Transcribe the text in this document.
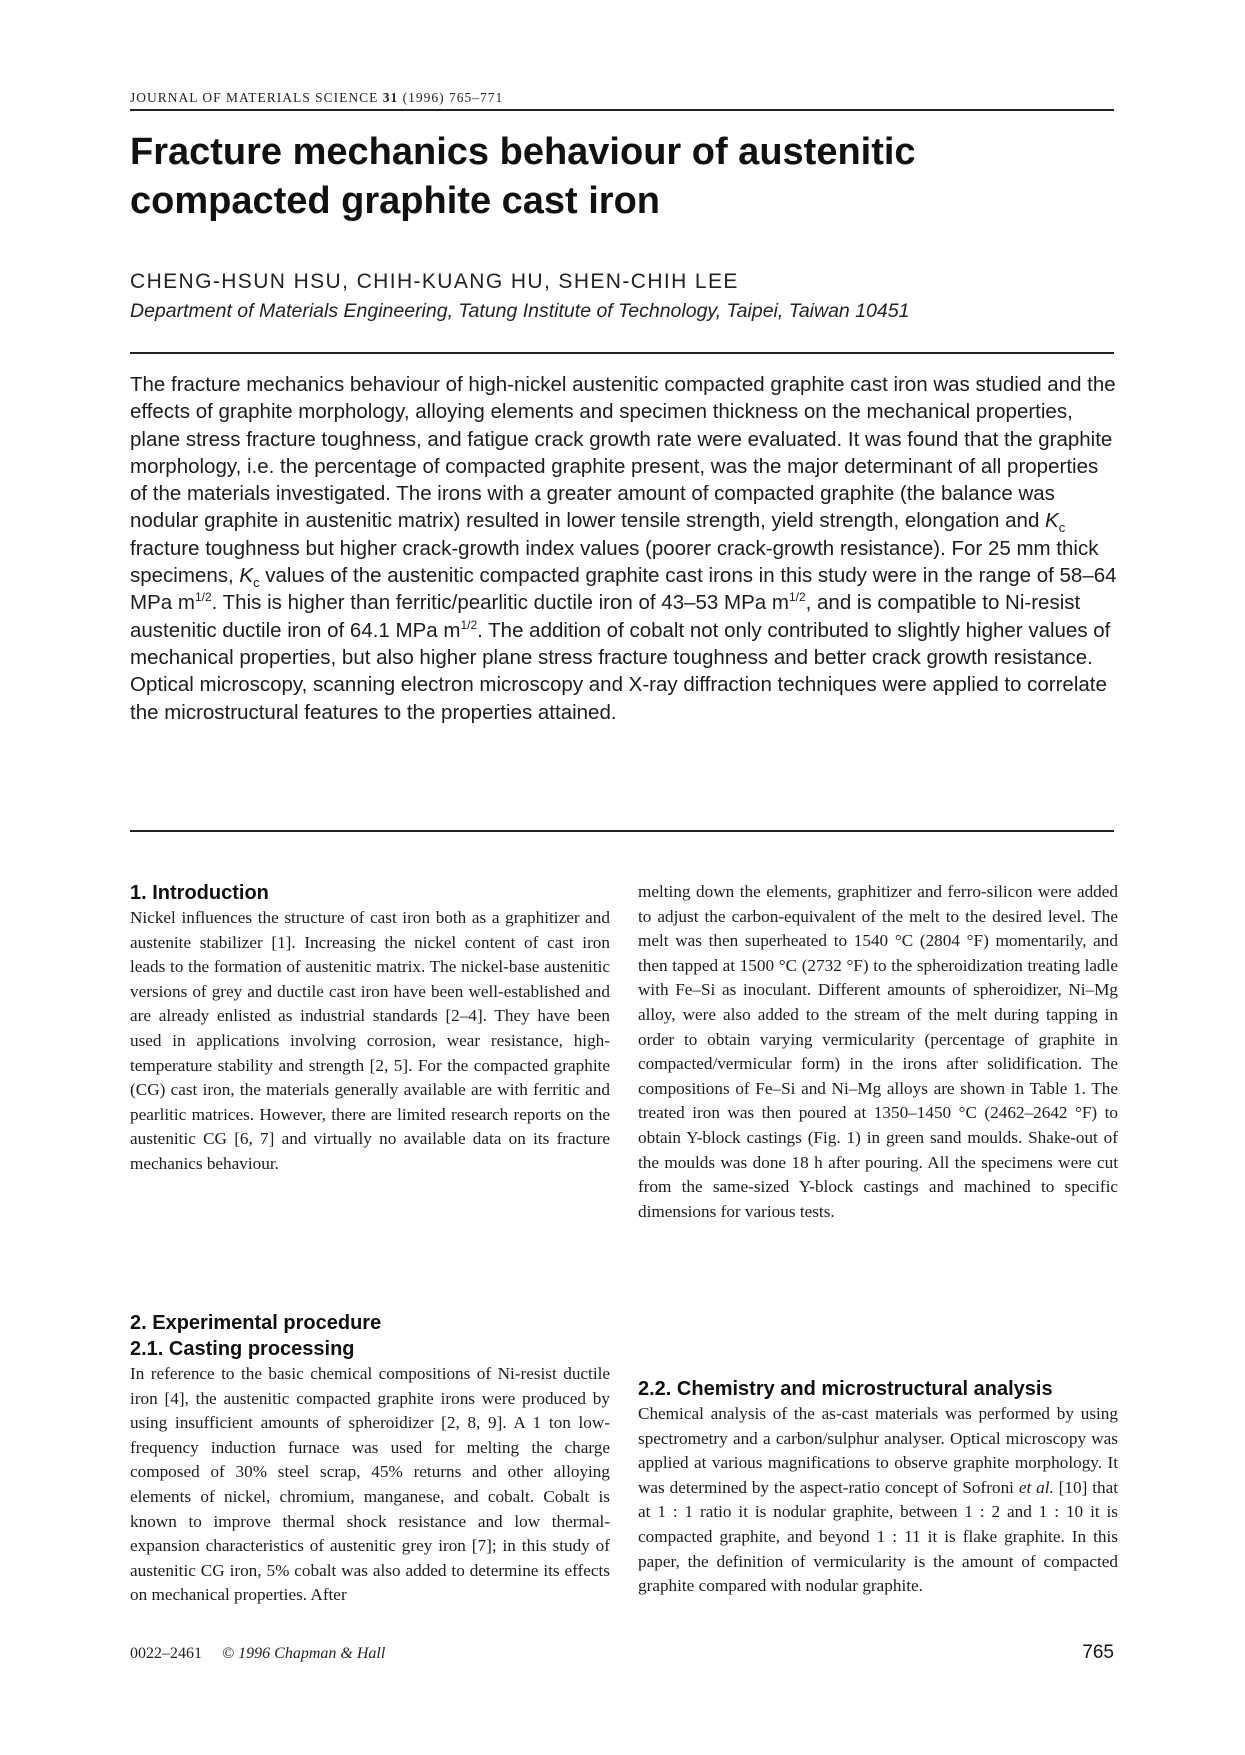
JOURNAL OF MATERIALS SCIENCE 31 (1996) 765–771
Fracture mechanics behaviour of austenitic
compacted graphite cast iron
CHENG-HSUN HSU, CHIH-KUANG HU, SHEN-CHIH LEE
Department of Materials Engineering, Tatung Institute of Technology, Taipei, Taiwan 10451
The fracture mechanics behaviour of high-nickel austenitic compacted graphite cast iron was studied and the effects of graphite morphology, alloying elements and specimen thickness on the mechanical properties, plane stress fracture toughness, and fatigue crack growth rate were evaluated. It was found that the graphite morphology, i.e. the percentage of compacted graphite present, was the major determinant of all properties of the materials investigated. The irons with a greater amount of compacted graphite (the balance was nodular graphite in austenitic matrix) resulted in lower tensile strength, yield strength, elongation and $K_c$ fracture toughness but higher crack-growth index values (poorer crack-growth resistance). For 25 mm thick specimens, $K_c$ values of the austenitic compacted graphite cast irons in this study were in the range of 58–64 MPa $m^{1/2}$. This is higher than ferritic/pearlitic ductile iron of 43–53 MPa $m^{1/2}$, and is compatible to Ni-resist austenitic ductile iron of 64.1 MPa $m^{1/2}$. The addition of cobalt not only contributed to slightly higher values of mechanical properties, but also higher plane stress fracture toughness and better crack growth resistance. Optical microscopy, scanning electron microscopy and X-ray diffraction techniques were applied to correlate the microstructural features to the properties attained.
1. Introduction

Nickel influences the structure of cast iron both as a graphitizer and austenite stabilizer [1]. Increasing the nickel content of cast iron leads to the formation of austenitic matrix. The nickel-base austenitic versions of grey and ductile cast iron have been well-established and are already enlisted as industrial standards [2–4]. They have been used in applications involving corrosion, wear resistance, high-temperature stability and strength [2, 5]. For the compacted graphite (CG) cast iron, the materials generally available are with ferritic and pearlitic matrices. However, there are limited research reports on the austenitic CG [6, 7] and virtually no available data on its fracture mechanics behaviour.

2. Experimental procedure
2.1. Casting processing

In reference to the basic chemical compositions of Ni-resist ductile iron [4], the austenitic compacted graphite irons were produced by using insufficient amounts of spheroidizer [2, 8, 9]. A 1 ton low-frequency induction furnace was used for melting the charge composed of 30% steel scrap, 45% returns and other alloying elements of nickel, chromium, manganese, and cobalt. Cobalt is known to improve thermal shock resistance and low thermal-expansion characteristics of austenitic grey iron [7]; in this study of austenitic CG iron, 5% cobalt was also added to determine its effects on mechanical properties. After

melting down the elements, graphitizer and ferro-silicon were added to adjust the carbon-equivalent of the melt to the desired level. The melt was then superheated to 1540 °C (2804 °F) momentarily, and then tapped at 1500 °C (2732 °F) to the spheroidization treating ladle with Fe–Si as inoculant. Different amounts of spheroidizer, Ni–Mg alloy, were also added to the stream of the melt during tapping in order to obtain varying vermicularity (percentage of graphite in compacted/vermicular form) in the irons after solidification. The compositions of Fe–Si and Ni–Mg alloys are shown in Table 1. The treated iron was then poured at 1350–1450 °C (2462–2642 °F) to obtain Y-block castings (Fig. 1) in green sand moulds. Shake-out of the moulds was done 18 h after pouring. All the specimens were cut from the same-sized Y-block castings and machined to specific dimensions for various tests.

2.2. Chemistry and microstructural analysis

Chemical analysis of the as-cast materials was performed by using spectrometry and a carbon/sulphur analyser. Optical microscopy was applied at various magnifications to observe graphite morphology. It was determined by the aspect-ratio concept of Sofroni et al. [10] that at 1 : 1 ratio it is nodular graphite, between 1 : 2 and 1 : 10 it is compacted graphite, and beyond 1 : 11 it is flake graphite. In this paper, the definition of vermicularity is the amount of compacted graphite compared with nodular graphite.

0022–2461 © 1996 Chapman & Hall	765
